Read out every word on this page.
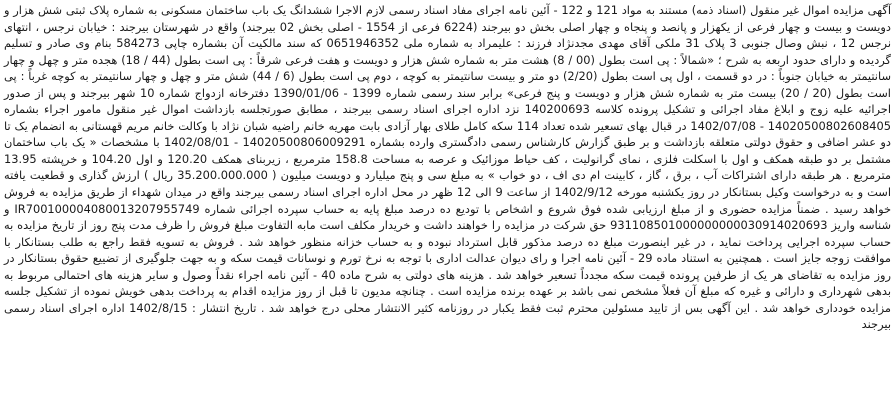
آگهی مزایده اموال غیر منقول (اسناد ذمه) مستند به مواد 121 و 122 - آئین نامه اجرای مفاد اسناد رسمی لازم الاجرا ششدانگ یک باب ساختمان مسکونی به شماره پلاک ثبتی شش هزار و دویست و بیست و چهار فرعی از یکهزار و پانصد و پنجاه و چهار اصلی بخش دو بیرجند (6224 فرعی از 1554 - اصلی بخش 02 بیرجند) واقع در شهرستان بیرجند : خیابان نرجس ، انتهای نرجس 12 ، نبش وصال جنوبی 3 پلاک 31 ملکی آقای مهدی مجدنژاد فرزند : علیمراد به شماره ملی 0651946352 که سند مالکیت آن بشماره چاپی 584273 بنام وی صادر و تسلیم گردیده و دارای حدود اربعه به شرح ؛ «شمالاً : پی است بطول (00 / 8) هشت متر به شماره شش هزار و دویست و هفت فرعی شرقاً : پی است بطول (44 / 18) هجده متر و چهل و چهار سانتیمتر به خیابان جنوباً : در دو قسمت ، اول پی است بطول (2/20) دو متر و بیست سانتیمتر به کوچه ، دوم پی است بطول (6 / 44) شش متر و چهل و چهار سانتیمتر به کوچه غرباً : پی است بطول (20 / 20) بیست متر به شماره شش هزار و دویست و پنج فرعی» برابر سند رسمی شماره 1399 - 1390/01/06 دفترخانه ازدواج شماره 10 شهر بیرجند و پس از صدور اجرائیه علیه زوج و ابلاغ مفاد اجرائی و تشکیل پرونده کلاسه 140200693 نزد اداره اجرای اسناد رسمی بیرجند ، مطابق صورتجلسه بازداشت اموال غیر منقول مامور اجراء بشماره 14020500802608405 - 1402/07/08 در قبال بهای تسعیر شده تعداد 114 سکه کامل طلای بهار آزادی بابت مهریه خانم راضیه شبان نژاد با وکالت خانم مریم قهستانی به انضمام یک تا دو عشر اضافی و حقوق دولتی متعلقه بازداشت و بر طبق گزارش کارشناس رسمی دادگستری وارده بشماره 14020500806009291 - 1402/08/01 با مشخصات « یک باب ساختمان مشتمل بر دو طبقه همکف و اول با اسکلت فلزی ، نمای گرانولیت ، کف حیاط موزائیک و عرصه به مساحت 158.8 مترمربع ، زیربنای همکف 120.20 و اول 104.20 و خرپشته 13.95 مترمربع . هر طبقه دارای اشتراکات آب ، برق ، گاز ، کابینت ام دی اف ، دو خواب » به مبلغ سی و پنج میلیارد و دویست میلیون ( 35.200.000.000 ریال ) ارزش گذاری و قطعیت یافته است و به درخواست وکیل بستانکار در روز یکشنبه مورخه 1402/9/12 از ساعت 9 الی 12 ظهر در محل اداره اجرای اسناد رسمی بیرجند واقع در میدان شهداء از طریق مزایده به فروش خواهد رسید . ضمناً مزایده حضوری و از مبلغ ارزیابی شده فوق شروع و اشخاص با تودیع ده درصد مبلغ پایه به حساب سپرده اجرائی شماره IR700100004080013207955749 و شناسه واریز 931108501000000000030914020693 حق شرکت در مزایده را خواهند داشت و خریدار مکلف است مابه التفاوت مبلغ فروش را ظرف مدت پنج روز از تاریخ مزایده به حساب سپرده اجرایی پرداخت نماید ، در غیر اینصورت مبلغ ده درصد مذکور قابل استرداد نبوده و به حساب خزانه منظور خواهد شد . فروش به تسویه فقط راجع به طلب بستانکار با موافقت زوجه جایز است . همچنین به استناد ماده 29 - آئین نامه اجرا و رای دیوان عدالت اداری با توجه به نرخ تورم و نوسانات قیمت سکه و به جهت جلوگیری از تضییع حقوق بستانکار در روز مزایده به تقاضای هر یک از طرفین پرونده قیمت سکه مجدداً تسعیر خواهد شد . هزینه های دولتی به شرح ماده 40 - آئین نامه اجراء نقداً وصول و سایر هزینه های احتمالی مربوط به بدهی شهرداری و دارائی و غیره که مبلغ آن فعلاً مشخص نمی باشد بر عهده برنده مزایده است . چنانچه مدیون تا قبل از روز مزایده اقدام به پرداخت بدهی خویش نموده از تشکیل جلسه مزایده خودداری خواهد شد . این آگهی بس از تایید مسئولین محترم ثبت فقط یکبار در روزنامه کثیر الانتشار محلی درج خواهد شد . تاریخ انتشار : 1402/8/15 اداره اجرای اسناد رسمی بیرجند
